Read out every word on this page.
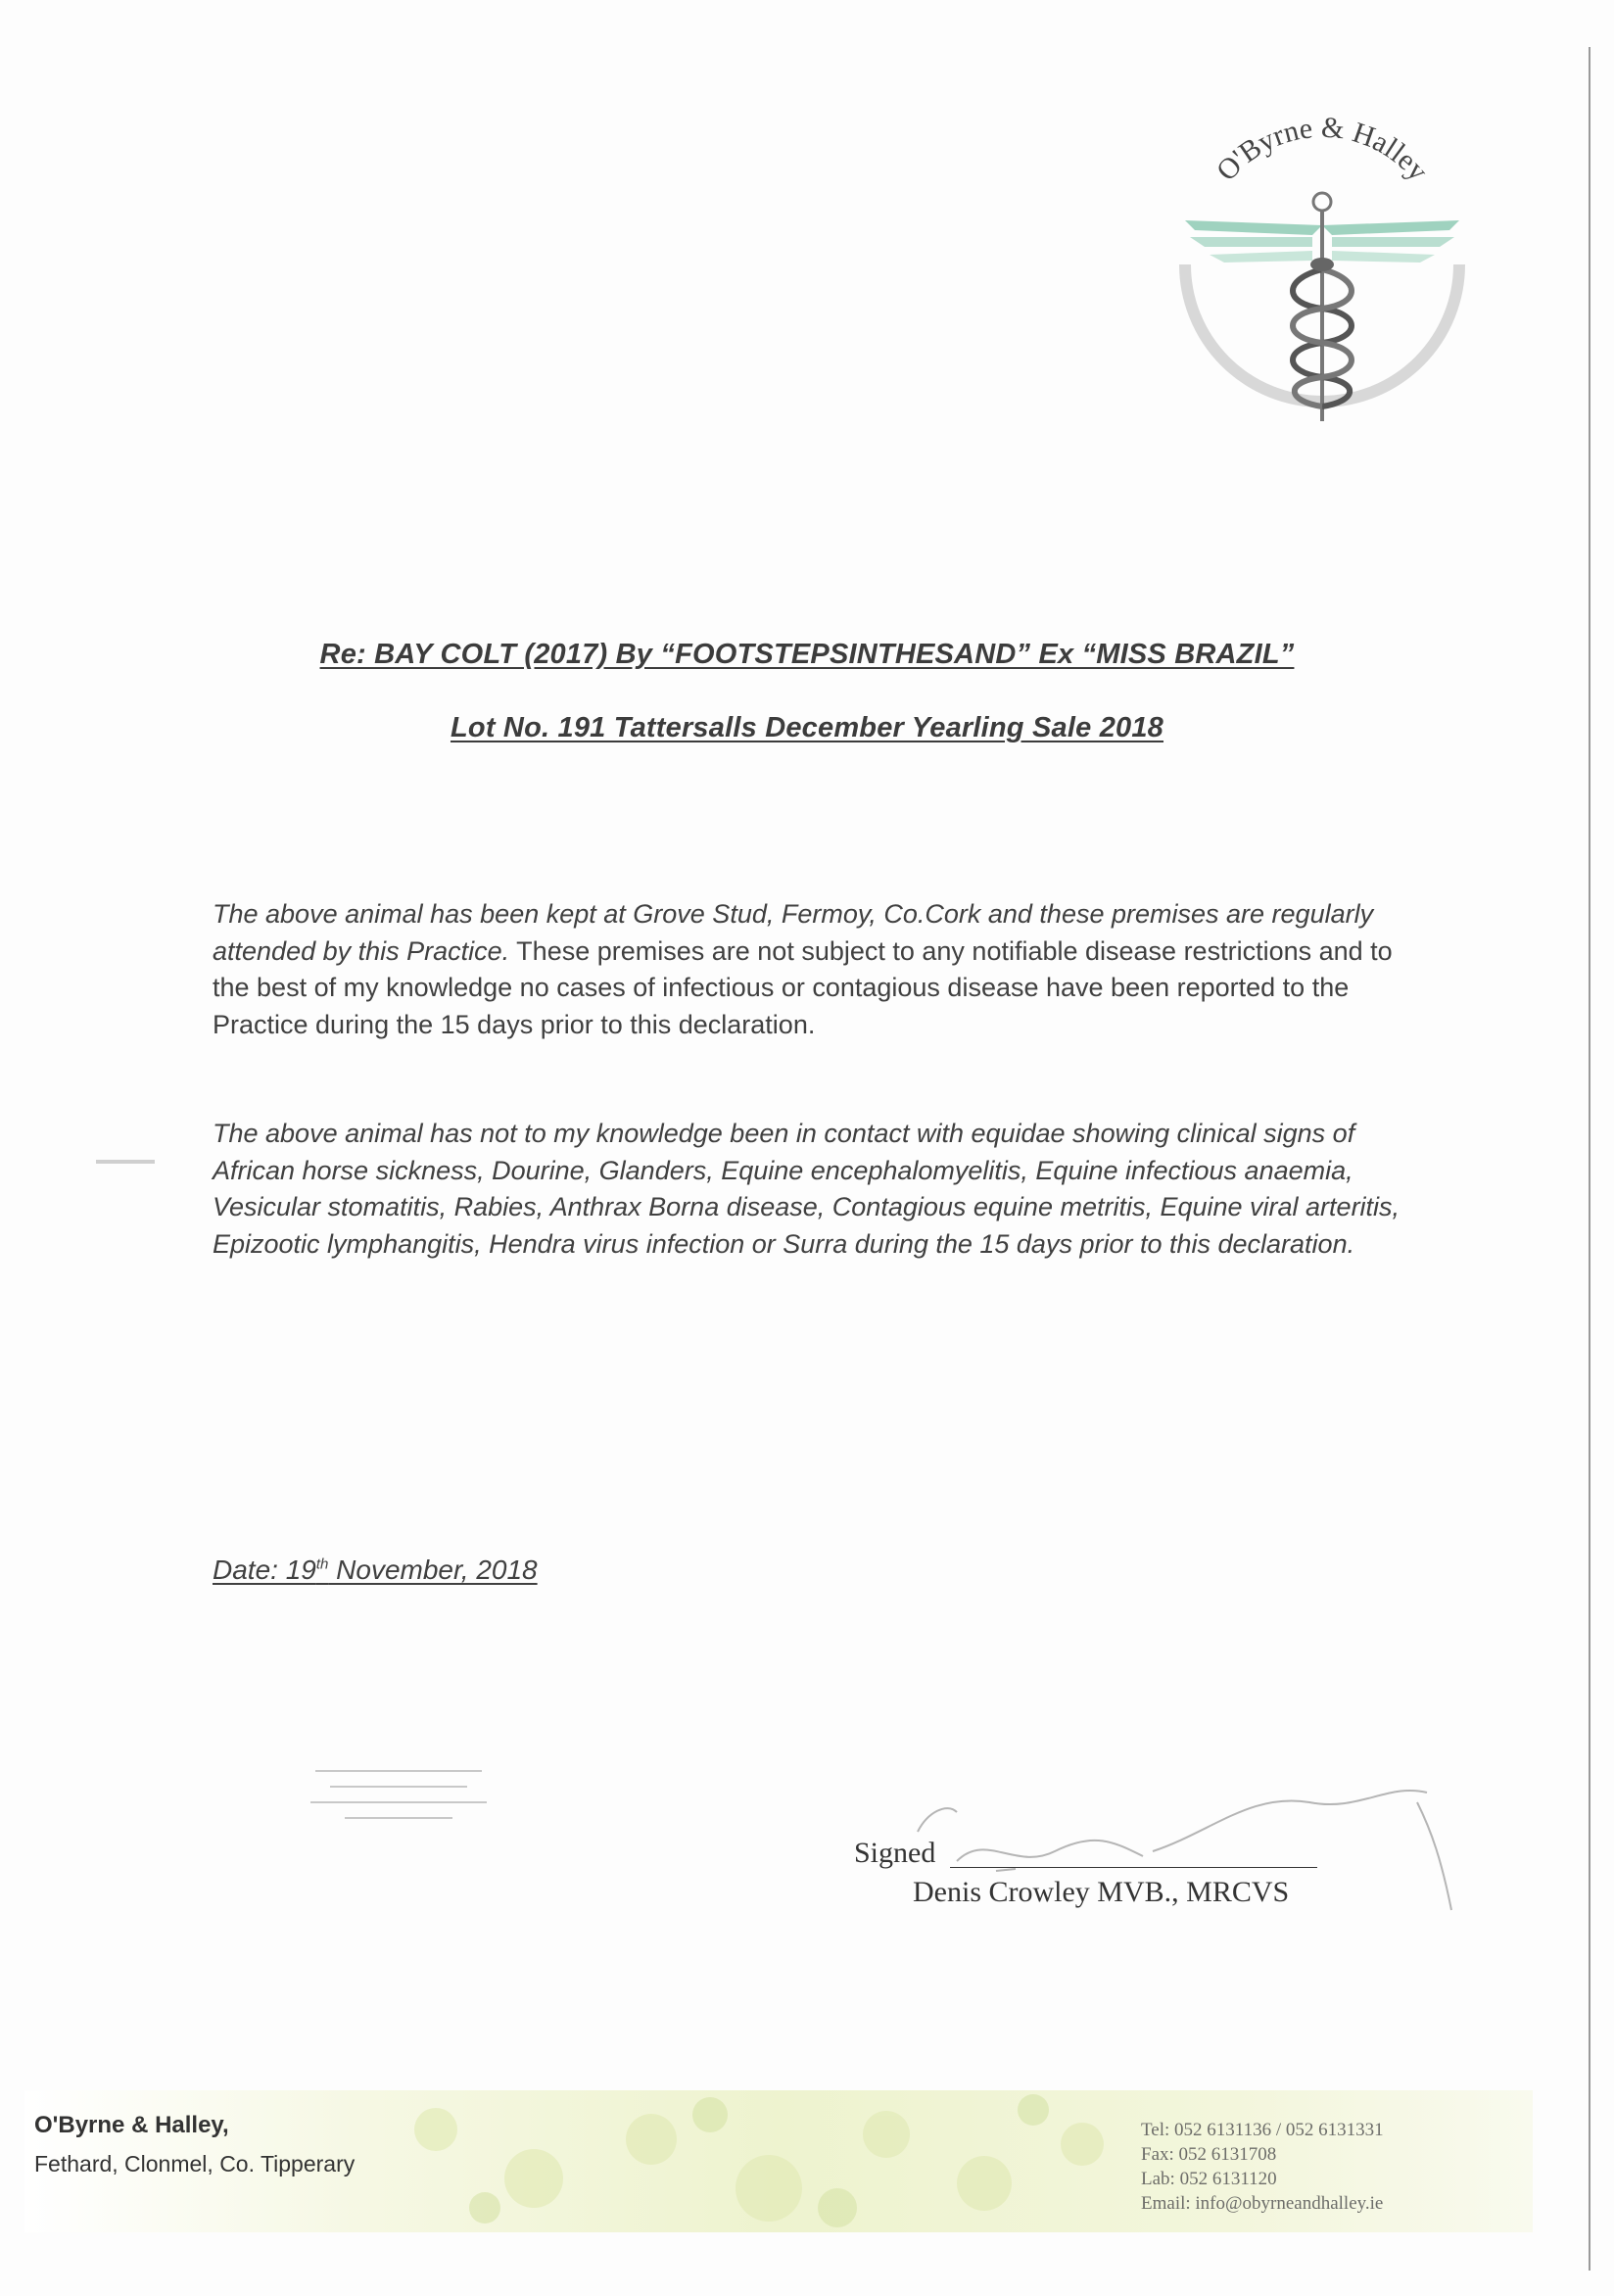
O'Byrne & Halley
Re: BAY COLT (2017) By “FOOTSTEPSINTHESAND” Ex “MISS BRAZIL”
Lot No. 191 Tattersalls December Yearling Sale 2018
The above animal has been kept at Grove Stud, Fermoy, Co.Cork and these premises are regularly attended by this Practice. These premises are not subject to any notifiable disease restrictions and to the best of my knowledge no cases of infectious or contagious disease have been reported to the Practice during the 15 days prior to this declaration.
The above animal has not to my knowledge been in contact with equidae showing clinical signs of African horse sickness, Dourine, Glanders, Equine encephalomyelitis, Equine infectious anaemia, Vesicular stomatitis, Rabies, Anthrax Borna disease, Contagious equine metritis, Equine viral arteritis, Epizootic lymphangitis, Hendra virus infection or Surra during the 15 days prior to this declaration.
Date: 19th November, 2018
Signed
Denis Crowley MVB., MRCVS
O'Byrne & Halley,
Fethard, Clonmel, Co. Tipperary
Tel: 052 6131136 / 052 6131331
Fax: 052 6131708
Lab: 052 6131120
Email: info@obyrneandhalley.ie
